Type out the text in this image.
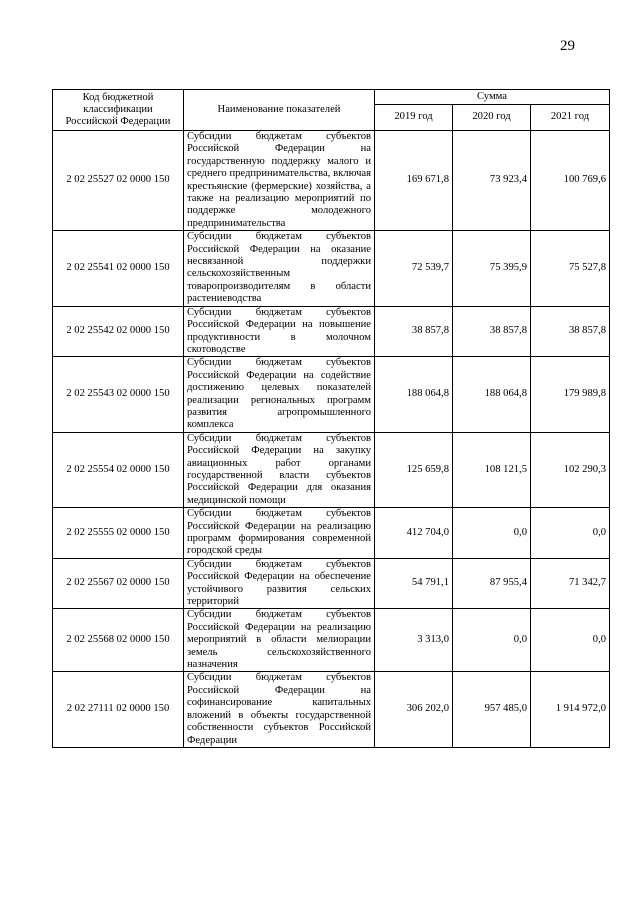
29
Код бюджетной классификации Российской Федерации	Наименование показателей	Сумма		
		2019 год	2020 год	2021 год
2 02 25527 02 0000 150	Субсидии бюджетам субъектов Российской Федерации на государственную поддержку малого и среднего предпринимательства, включая крестьянские (фермерские) хозяйства, а также на реализацию мероприятий по поддержке молодежного предпринимательства	169 671,8	73 923,4	100 769,6
2 02 25541 02 0000 150	Субсидии бюджетам субъектов Российской Федерации на оказание несвязанной поддержки сельскохозяйственным товаропроизводителям в области растениеводства	72 539,7	75 395,9	75 527,8
2 02 25542 02 0000 150	Субсидии бюджетам субъектов Российской Федерации на повышение продуктивности в молочном скотоводстве	38 857,8	38 857,8	38 857,8
2 02 25543 02 0000 150	Субсидии бюджетам субъектов Российской Федерации на содействие достижению целевых показателей реализации региональных программ развития агропромышленного комплекса	188 064,8	188 064,8	179 989,8
2 02 25554 02 0000 150	Субсидии бюджетам субъектов Российской Федерации на закупку авиационных работ органами государственной власти субъектов Российской Федерации для оказания медицинской помощи	125 659,8	108 121,5	102 290,3
2 02 25555 02 0000 150	Субсидии бюджетам субъектов Российской Федерации на реализацию программ формирования современной городской среды	412 704,0	0,0	0,0
2 02 25567 02 0000 150	Субсидии бюджетам субъектов Российской Федерации на обеспечение устойчивого развития сельских территорий	54 791,1	87 955,4	71 342,7
2 02 25568 02 0000 150	Субсидии бюджетам субъектов Российской Федерации на реализацию мероприятий в области мелиорации земель сельскохозяйственного назначения	3 313,0	0,0	0,0
2 02 27111 02 0000 150	Субсидии бюджетам субъектов Российской Федерации на софинансирование капитальных вложений в объекты государственной собственности субъектов Российской Федерации	306 202,0	957 485,0	1 914 972,0
